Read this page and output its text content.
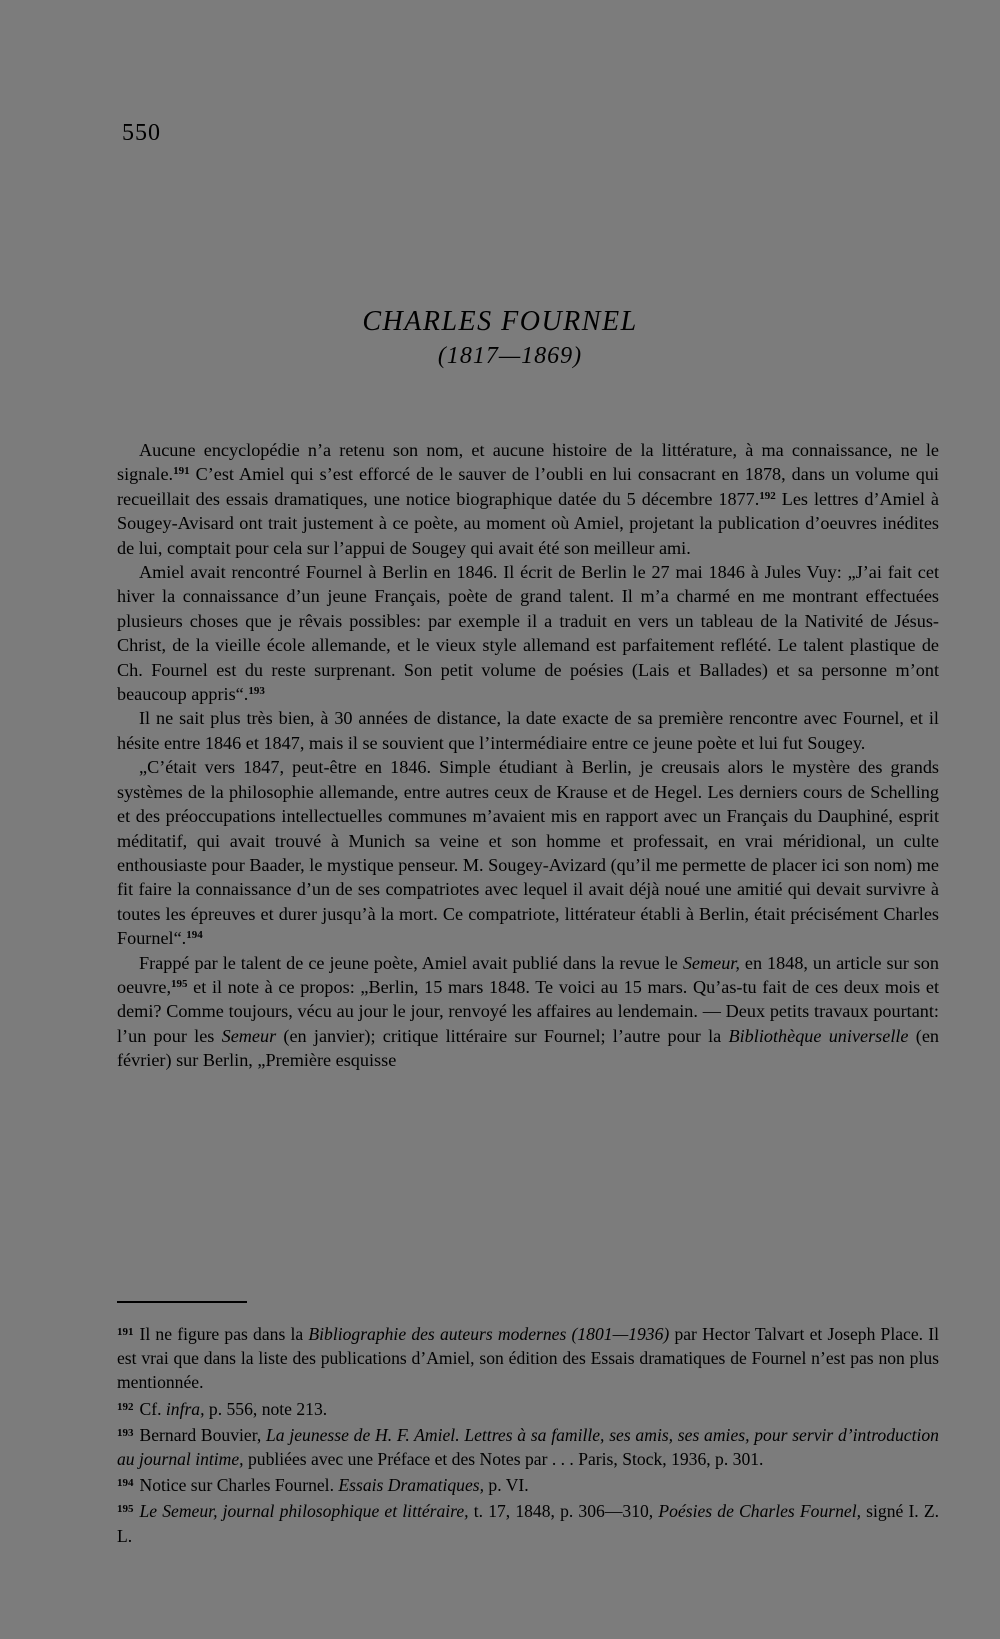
550
CHARLES FOURNEL
(1817—1869)

Aucune encyclopédie n’a retenu son nom, et aucune histoire de la littérature, à ma connaissance, ne le signale.$^{191}$ C’est Amiel qui s’est efforcé de le sauver de l’oubli en lui consacrant en 1878, dans un volume qui recueillait des essais dramatiques, une notice biographique datée du 5 décembre 1877.$^{192}$ Les lettres d’Amiel à Sougey-Avisard ont trait justement à ce poète, au moment où Amiel, projetant la publication d’oeuvres inédites de lui, comptait pour cela sur l’appui de Sougey qui avait été son meilleur ami.

Amiel avait rencontré Fournel à Berlin en 1846. Il écrit de Berlin le 27 mai 1846 à Jules Vuy: „J’ai fait cet hiver la connaissance d’un jeune Français, poète de grand talent. Il m’a charmé en me montrant effectuées plusieurs choses que je rêvais possibles: par exemple il a traduit en vers un tableau de la Nativité de Jésus-Christ, de la vieille école allemande, et le vieux style allemand est parfaitement reflété. Le talent plastique de Ch. Fournel est du reste surprenant. Son petit volume de poésies (Lais et Ballades) et sa personne m’ont beaucoup appris“.$^{193}$

Il ne sait plus très bien, à 30 années de distance, la date exacte de sa première rencontre avec Fournel, et il hésite entre 1846 et 1847, mais il se souvient que l’intermédiaire entre ce jeune poète et lui fut Sougey.

„C’était vers 1847, peut-être en 1846. Simple étudiant à Berlin, je creusais alors le mystère des grands systèmes de la philosophie allemande, entre autres ceux de Krause et de Hegel. Les derniers cours de Schelling et des préoccupations intellectuelles communes m’avaient mis en rapport avec un Français du Dauphiné, esprit méditatif, qui avait trouvé à Munich sa veine et son homme et professait, en vrai méridional, un culte enthousiaste pour Baader, le mystique penseur. M. Sougey-Avizard (qu’il me permette de placer ici son nom) me fit faire la connaissance d’un de ses compatriotes avec lequel il avait déjà noué une amitié qui devait survivre à toutes les épreuves et durer jusqu’à la mort. Ce compatriote, littérateur établi à Berlin, était précisément Charles Fournel“.$^{194}$

Frappé par le talent de ce jeune poète, Amiel avait publié dans la revue le Semeur, en 1848, un article sur son oeuvre,$^{195}$ et il note à ce propos: „Berlin, 15 mars 1848. Te voici au 15 mars. Qu’as-tu fait de ces deux mois et demi? Comme toujours, vécu au jour le jour, renvoyé les affaires au lendemain. — Deux petits travaux pourtant: l’un pour les Semeur (en janvier); critique littéraire sur Fournel; l’autre pour la Bibliothèque universelle (en février) sur Berlin, „Première esquisse

$^{191}$ Il ne figure pas dans la Bibliographie des auteurs modernes (1801—1936) par Hector Talvart et Joseph Place. Il est vrai que dans la liste des publications d’Amiel, son édition des Essais dramatiques de Fournel n’est pas non plus mentionnée.

$^{192}$ Cf. infra, p. 556, note 213.

$^{193}$ Bernard Bouvier, La jeunesse de H. F. Amiel. Lettres à sa famille, ses amis, ses amies, pour servir d’introduction au journal intime, publiées avec une Préface et des Notes par . . . Paris, Stock, 1936, p. 301.

$^{194}$ Notice sur Charles Fournel. Essais Dramatiques, p. VI.

$^{195}$ Le Semeur, journal philosophique et littéraire, t. 17, 1848, p. 306—310, Poésies de Charles Fournel, signé I. Z. L.
